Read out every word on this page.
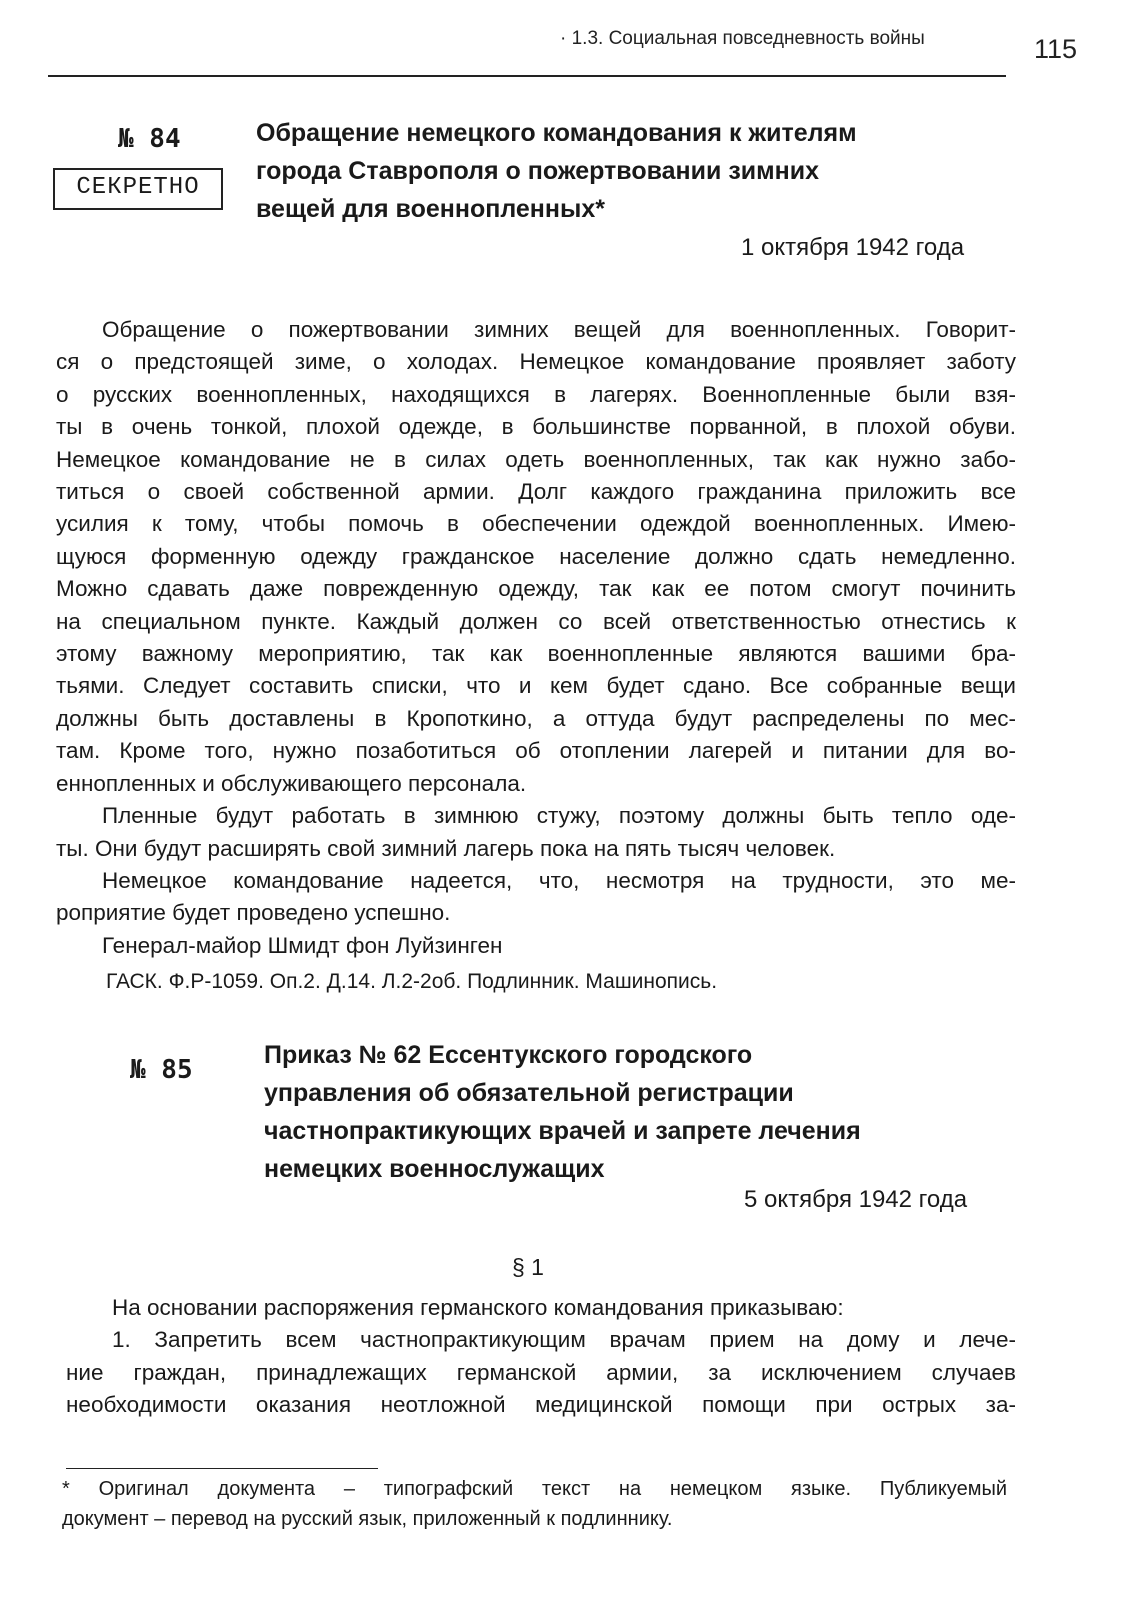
· 1.3. Социальная повседневность войны	115
№ 84
СЕКРЕТНО
Обращение немецкого командования к жителям
города Ставрополя о пожертвовании зимних
вещей для военнопленных*
1 октября 1942 года
Обращение о пожертвовании зимних вещей для военнопленных. Говорит-
ся о предстоящей зиме, о холодах. Немецкое командование проявляет заботу
о русских военнопленных, находящихся в лагерях. Военнопленные были взя-
ты в очень тонкой, плохой одежде, в большинстве порванной, в плохой обуви.
Немецкое командование не в силах одеть военнопленных, так как нужно забо-
титься о своей собственной армии. Долг каждого гражданина приложить все
усилия к тому, чтобы помочь в обеспечении одеждой военнопленных. Имею-
щуюся форменную одежду гражданское население должно сдать немедленно.
Можно сдавать даже поврежденную одежду, так как ее потом смогут починить
на специальном пункте. Каждый должен со всей ответственностью отнестись к
этому важному мероприятию, так как военнопленные являются вашими бра-
тьями. Следует составить списки, что и кем будет сдано. Все собранные вещи
должны быть доставлены в Кропоткино, а оттуда будут распределены по мес-
там. Кроме того, нужно позаботиться об отоплении лагерей и питании для во-
еннопленных и обслуживающего персонала.
Пленные будут работать в зимнюю стужу, поэтому должны быть тепло оде-
ты. Они будут расширять свой зимний лагерь пока на пять тысяч человек.
Немецкое командование надеется, что, несмотря на трудности, это ме-
роприятие будет проведено успешно.
Генерал-майор Шмидт фон Луйзинген
ГАСК. Ф.Р-1059. Оп.2. Д.14. Л.2-2об. Подлинник. Машинопись.
№ 85	Приказ № 62 Ессентукского городского
управления об обязательной регистрации
частнопрактикующих врачей и запрете лечения
немецких военнослужащих
5 октября 1942 года
§ 1
На основании распоряжения германского командования приказываю:
1. Запретить всем частнопрактикующим врачам прием на дому и лече-
ние граждан, принадлежащих германской армии, за исключением случаев
необходимости оказания неотложной медицинской помощи при острых за-
* Оригинал документа – типографский текст на немецком языке. Публикуемый
документ – перевод на русский язык, приложенный к подлиннику.
